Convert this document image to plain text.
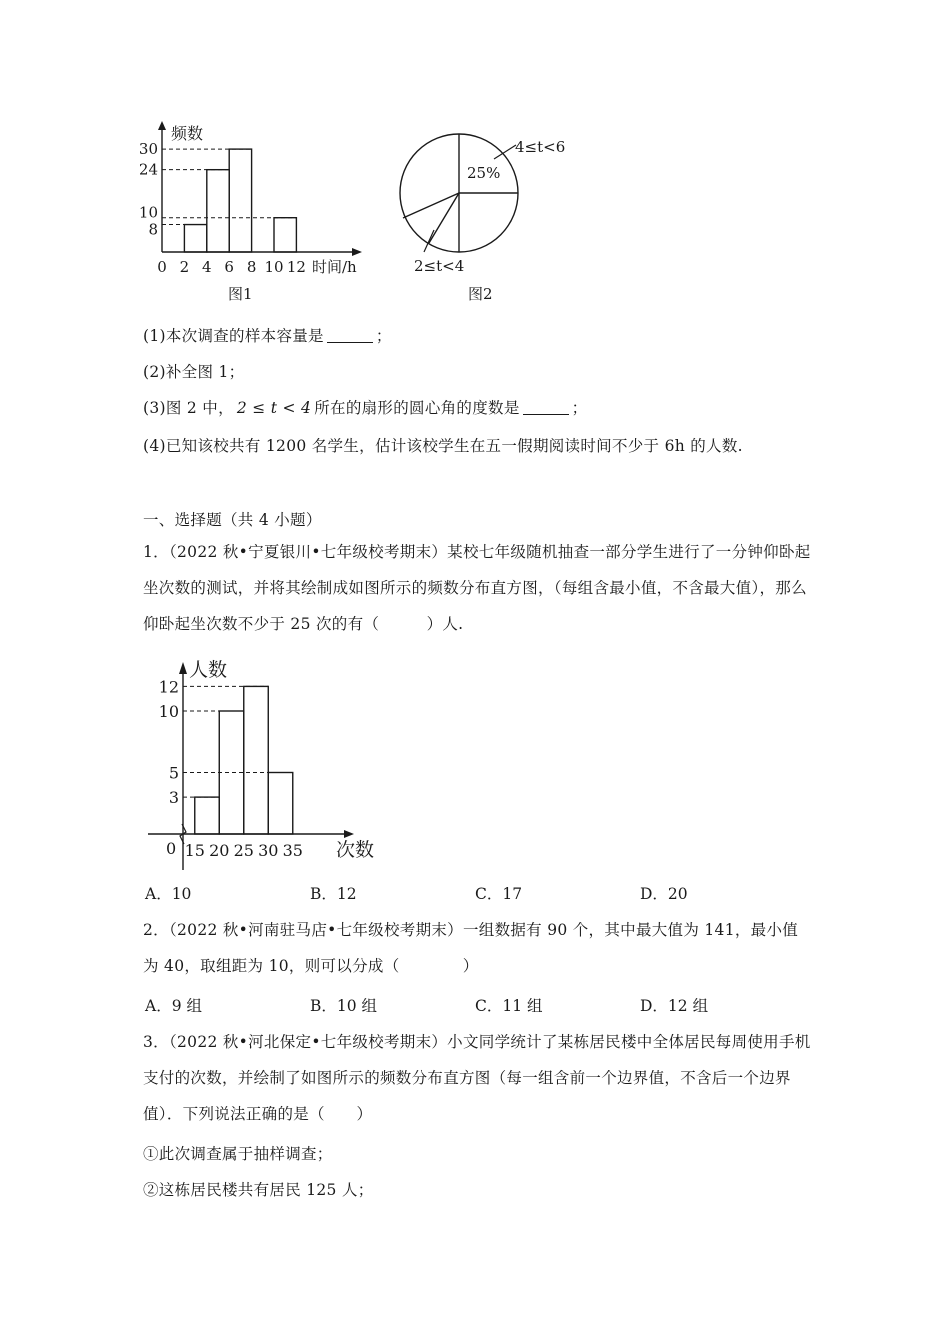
0 2 4 6 8 10 12
8
10
24
30
频数
时间/h
图1
25%
4≤t<6
2≤t<4
图2
(1)本次调查的样本容量是	；
(2)补全图 1；
(3)图 2 中， 2 ≤ t < 4 所在的扇形的圆心角的度数是	；
(4)已知该校共有 1200 名学生，估计该校学生在五一假期阅读时间不少于 6h 的人数.
一、选择题（共 4 小题）
1．（2022 秋•宁夏银川•七年级校考期末）某校七年级随机抽查一部分学生进行了一分钟仰卧起坐次数的测试，并将其绘制成如图所示的频数分布直方图，（每组含最小值，不含最大值），那么仰卧起坐次数不少于 25 次的有（　　　）人.
15 20 25 30 35
3
5
10
12
人数
次数
0
A．10	B．12	C．17	D．20
2．（2022 秋•河南驻马店•七年级校考期末）一组数据有 90 个，其中最大值为 141，最小值为 40，取组距为 10，则可以分成（　　　　）
A．9 组	B．10 组	C．11 组	D．12 组
3．（2022 秋•河北保定•七年级校考期末）小文同学统计了某栋居民楼中全体居民每周使用手机支付的次数，并绘制了如图所示的频数分布直方图（每一组含前一个边界值，不含后一个边界值）．下列说法正确的是（　　）
①此次调查属于抽样调查；
②这栋居民楼共有居民 125 人；
